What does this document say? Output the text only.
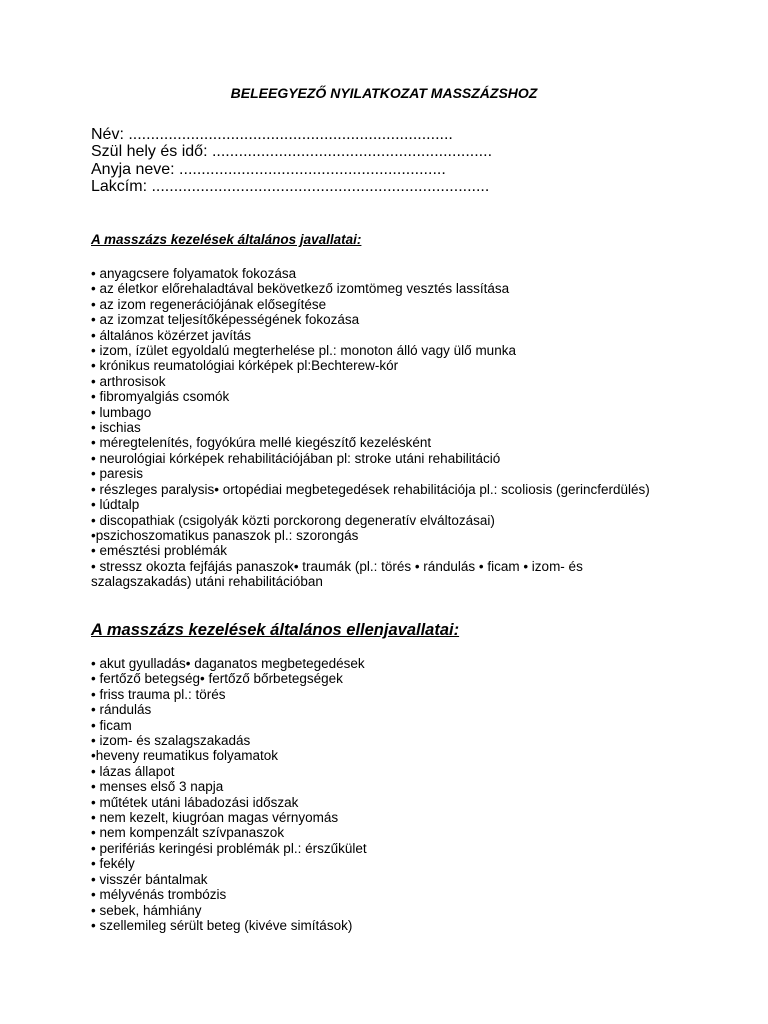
BELEEGYEZŐ NYILATKOZAT MASSZÁZSHOZ
Név: .........................................................................
Szül hely és idő: ...............................................................
Anyja neve: ............................................................
Lakcím: ............................................................................
A masszázs kezelések általános javallatai:
• anyagcsere folyamatok fokozása
• az életkor előrehaladtával bekövetkező izomtömeg vesztés lassítása
• az izom regenerációjának elősegítése
• az izomzat teljesítőképességének fokozása
• általános közérzet javítás
• izom, ízület egyoldalú megterhelése pl.: monoton álló vagy ülő munka
• krónikus reumatológiai kórképek pl:Bechterew-kór
• arthrosisok
• fibromyalgiás csomók
• lumbago
• ischias
• méregtelenítés, fogyókúra mellé kiegészítő kezelésként
• neurológiai kórképek rehabilitációjában pl: stroke utáni rehabilitáció
• paresis
• részleges paralysis• ortopédiai megbetegedések rehabilitációja pl.: scoliosis (gerincferdülés)
• lúdtalp
• discopathiak (csigolyák közti porckorong degeneratív elváltozásai)
•pszichoszomatikus panaszok pl.: szorongás
• emésztési problémák
• stressz okozta fejfájás panaszok• traumák (pl.: törés • rándulás • ficam • izom- és szalagszakadás) utáni rehabilitációban
A masszázs kezelések általános ellenjavallatai:
• akut gyulladás• daganatos megbetegedések
• fertőző betegség• fertőző bőrbetegségek
• friss trauma pl.: törés
• rándulás
• ficam
• izom- és szalagszakadás
•heveny reumatikus folyamatok
• lázas állapot
• menses első 3 napja
• műtétek utáni lábadozási időszak
• nem kezelt, kiugróan magas vérnyomás
• nem kompenzált szívpanaszok
• perifériás keringési problémák pl.: érszűkület
• fekély
• visszér bántalmak
• mélyvénás trombózis
• sebek, hámhiány
• szellemileg sérült beteg (kivéve simítások)
